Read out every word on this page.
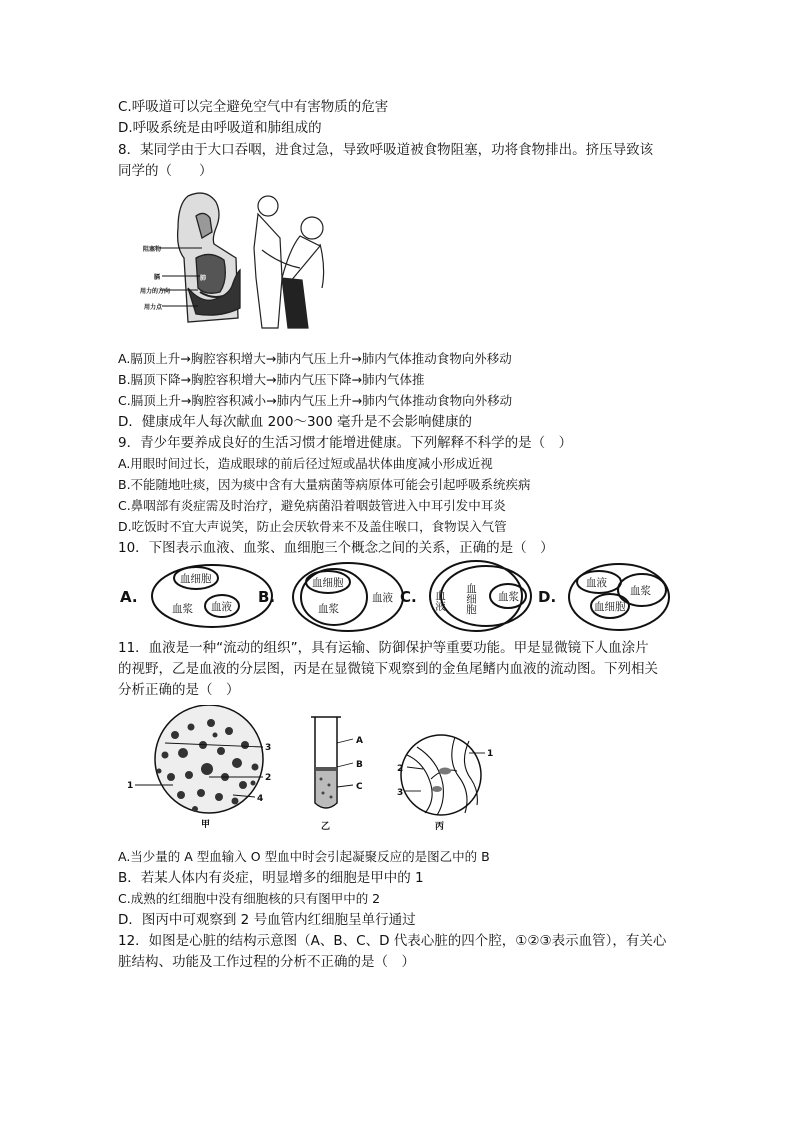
C.呼吸道可以完全避免空气中有害物质的危害
D.呼吸系统是由呼吸道和肺组成的
8．某同学由于大口吞咽，进食过急，导致呼吸道被食物阻塞，功将食物排出。挤压导致该
同学的（　　）
阻塞物
膈
用力的方向
用力点
肺
A.膈顶上升→胸腔容积增大→肺内气压上升→肺内气体推动食物向外移动
B.膈顶下降→胸腔容积增大→肺内气压下降→肺内气体推
C.膈顶上升→胸腔容积减小→肺内气压上升→肺内气体推动食物向外移动
D．健康成年人每次献血 200～300 毫升是不会影响健康的
9．青少年要养成良好的生活习惯才能增进健康。下列解释不科学的是（　）
A.用眼时间过长，造成眼球的前后径过短或晶状体曲度减小形成近视
B.不能随地吐痰，因为痰中含有大量病菌等病原体可能会引起呼吸系统疾病
C.鼻咽部有炎症需及时治疗，避免病菌沿着咽鼓管进入中耳引发中耳炎
D.吃饭时不宜大声说笑，防止会厌软骨来不及盖住喉口，食物误入气管
10．下图表示血液、血浆、血细胞三个概念之间的关系，正确的是（　）
A.	B.	C.	D.
血细胞
血浆 血液
血细胞
血浆
血液	血液 血细胞 血浆
血液
血浆
血细胞
11．血液是一种“流动的组织”，具有运输、防御保护等重要功能。甲是显微镜下人血涂片
的视野，乙是血液的分层图，丙是在显微镜下观察到的金鱼尾鳍内血液的流动图。下列相关
分析正确的是（　）
3
2
1
4
甲
A
B
C
乙
1
2
3
丙
A.当少量的 A 型血输入 O 型血中时会引起凝聚反应的是图乙中的 B
B．若某人体内有炎症，明显增多的细胞是甲中的 1
C.成熟的红细胞中没有细胞核的只有图甲中的 2
D．图丙中可观察到 2 号血管内红细胞呈单行通过
12．如图是心脏的结构示意图（A、B、C、D 代表心脏的四个腔，①②③表示血管），有关心
脏结构、功能及工作过程的分析不正确的是（　）
